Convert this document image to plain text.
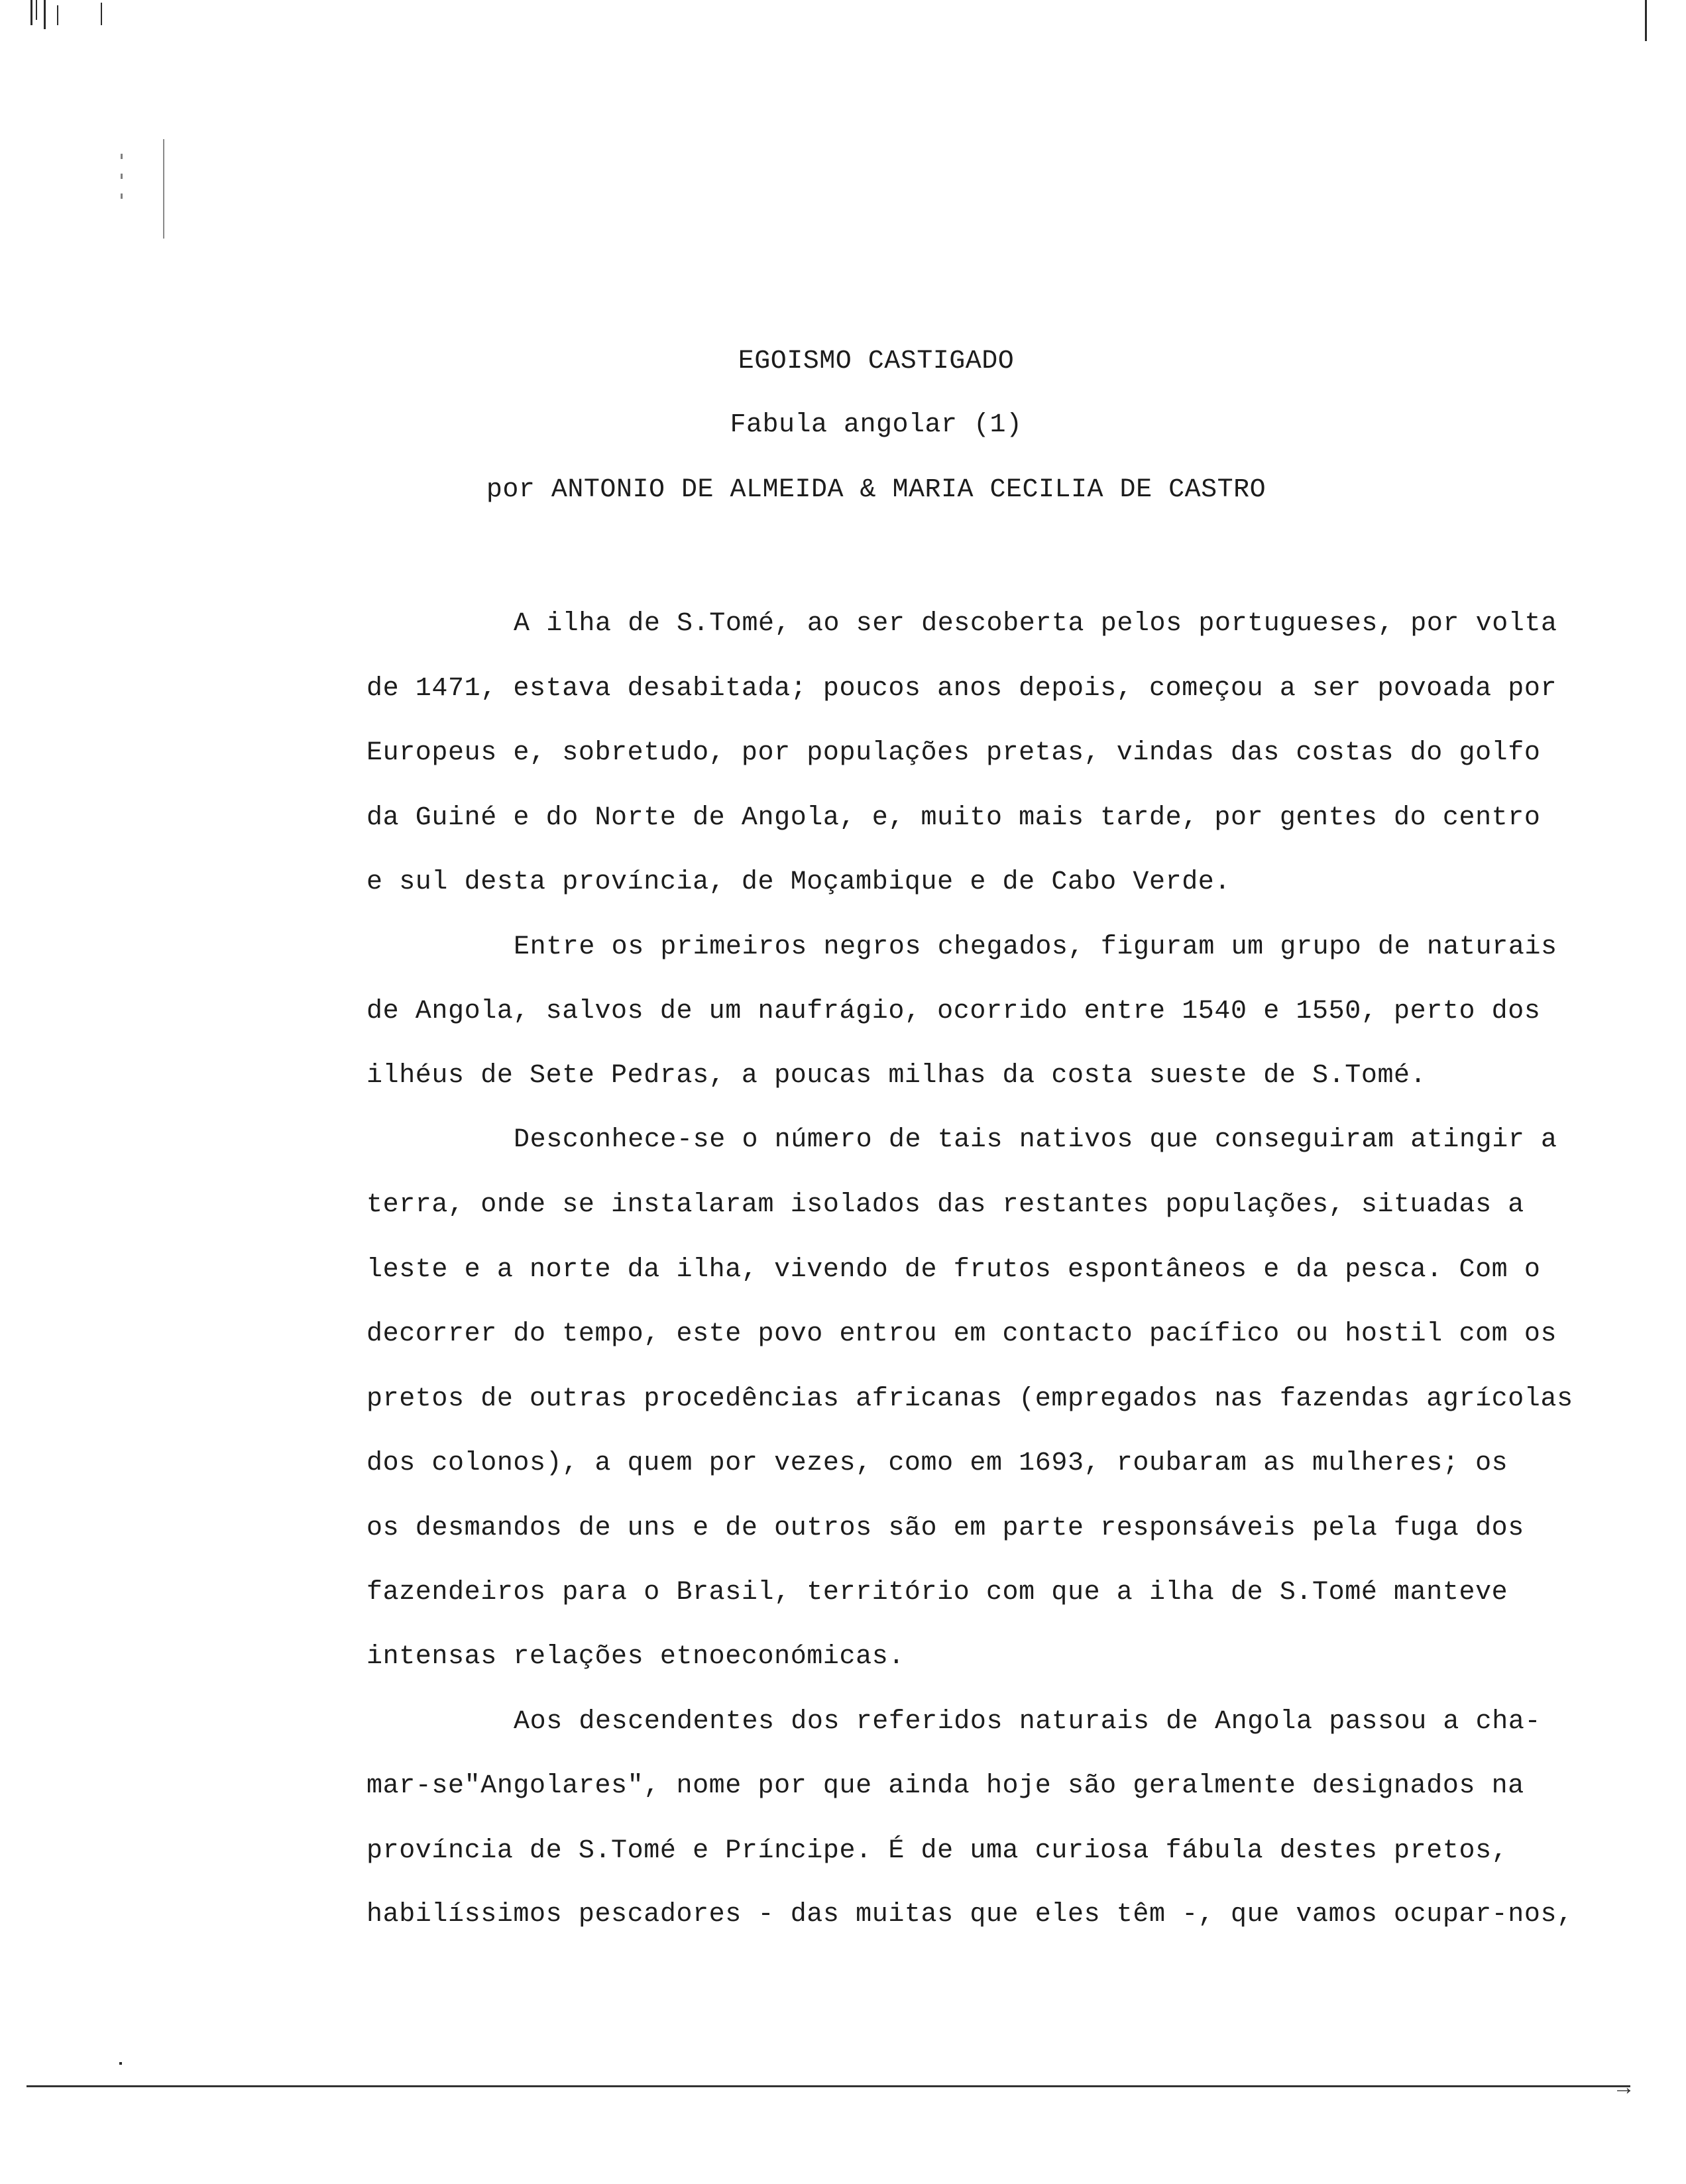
EGOISMO CASTIGADO
Fabula angolar (1)
por ANTONIO DE ALMEIDA & MARIA CECILIA DE CASTRO
A ilha de S.Tomé, ao ser descoberta pelos portugueses, por volta
de 1471, estava desabitada; poucos anos depois, começou a ser povoada por
Europeus e, sobretudo, por populações pretas, vindas das costas do golfo
da Guiné e do Norte de Angola, e, muito mais tarde, por gentes do centro
e sul desta província, de Moçambique e de Cabo Verde.
Entre os primeiros negros chegados, figuram um grupo de naturais
de Angola, salvos de um naufrágio, ocorrido entre 1540 e 1550, perto dos
ilhéus de Sete Pedras, a poucas milhas da costa sueste de S.Tomé.
Desconhece-se o número de tais nativos que conseguiram atingir a
terra, onde se instalaram isolados das restantes populações, situadas a
leste e a norte da ilha, vivendo de frutos espontâneos e da pesca. Com o
decorrer do tempo, este povo entrou em contacto pacífico ou hostil com os
pretos de outras procedências africanas (empregados nas fazendas agrícolas
dos colonos), a quem por vezes, como em 1693, roubaram as mulheres; os
os desmandos de uns e de outros são em parte responsáveis pela fuga dos
fazendeiros para o Brasil, território com que a ilha de S.Tomé manteve
intensas relações etnoeconómicas.
Aos descendentes dos referidos naturais de Angola passou a cha-
mar-se"Angolares", nome por que ainda hoje são geralmente designados na
província de S.Tomé e Príncipe. É de uma curiosa fábula destes pretos,
habilíssimos pescadores - das muitas que eles têm -, que vamos ocupar-nos,
→
